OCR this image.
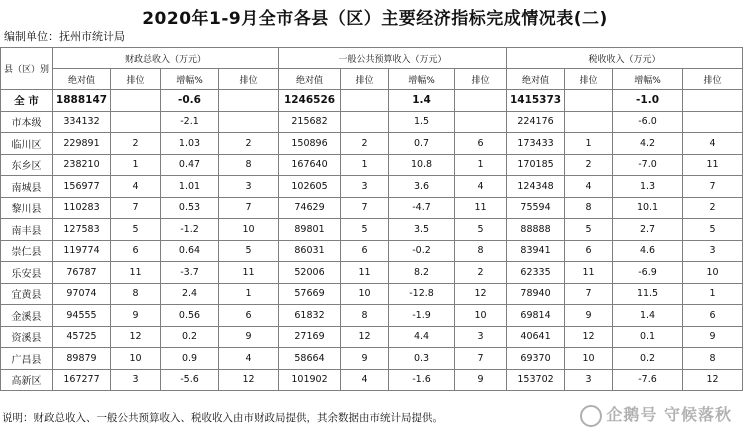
2020年1-9月全市各县（区）主要经济指标完成情况表(二)
编制单位：抚州市统计局
县（区）别	财政总收入（万元）				一般公共预算收入（万元）				税收收入（万元）			
	绝对值	排位	增幅%	排位	绝对值	排位	增幅%	排位	绝对值	排位	增幅%	排位
全 市	1888147		-0.6		1246526		1.4		1415373		-1.0	
市本级	334132		-2.1		215682		1.5		224176		-6.0	
临川区	229891	2	1.03	2	150896	2	0.7	6	173433	1	4.2	4
东乡区	238210	1	0.47	8	167640	1	10.8	1	170185	2	-7.0	11
南城县	156977	4	1.01	3	102605	3	3.6	4	124348	4	1.3	7
黎川县	110283	7	0.53	7	74629	7	-4.7	11	75594	8	10.1	2
南丰县	127583	5	-1.2	10	89801	5	3.5	5	88888	5	2.7	5
崇仁县	119774	6	0.64	5	86031	6	-0.2	8	83941	6	4.6	3
乐安县	76787	11	-3.7	11	52006	11	8.2	2	62335	11	-6.9	10
宜黄县	97074	8	2.4	1	57669	10	-12.8	12	78940	7	11.5	1
金溪县	94555	9	0.56	6	61832	8	-1.9	10	69814	9	1.4	6
资溪县	45725	12	0.2	9	27169	12	4.4	3	40641	12	0.1	9
广昌县	89879	10	0.9	4	58664	9	0.3	7	69370	10	0.2	8
高新区	167277	3	-5.6	12	101902	4	-1.6	9	153702	3	-7.6	12
说明：财政总收入、一般公共预算收入、税收收入由市财政局提供，其余数据由市统计局提供。	企鹅号 守候落秋
